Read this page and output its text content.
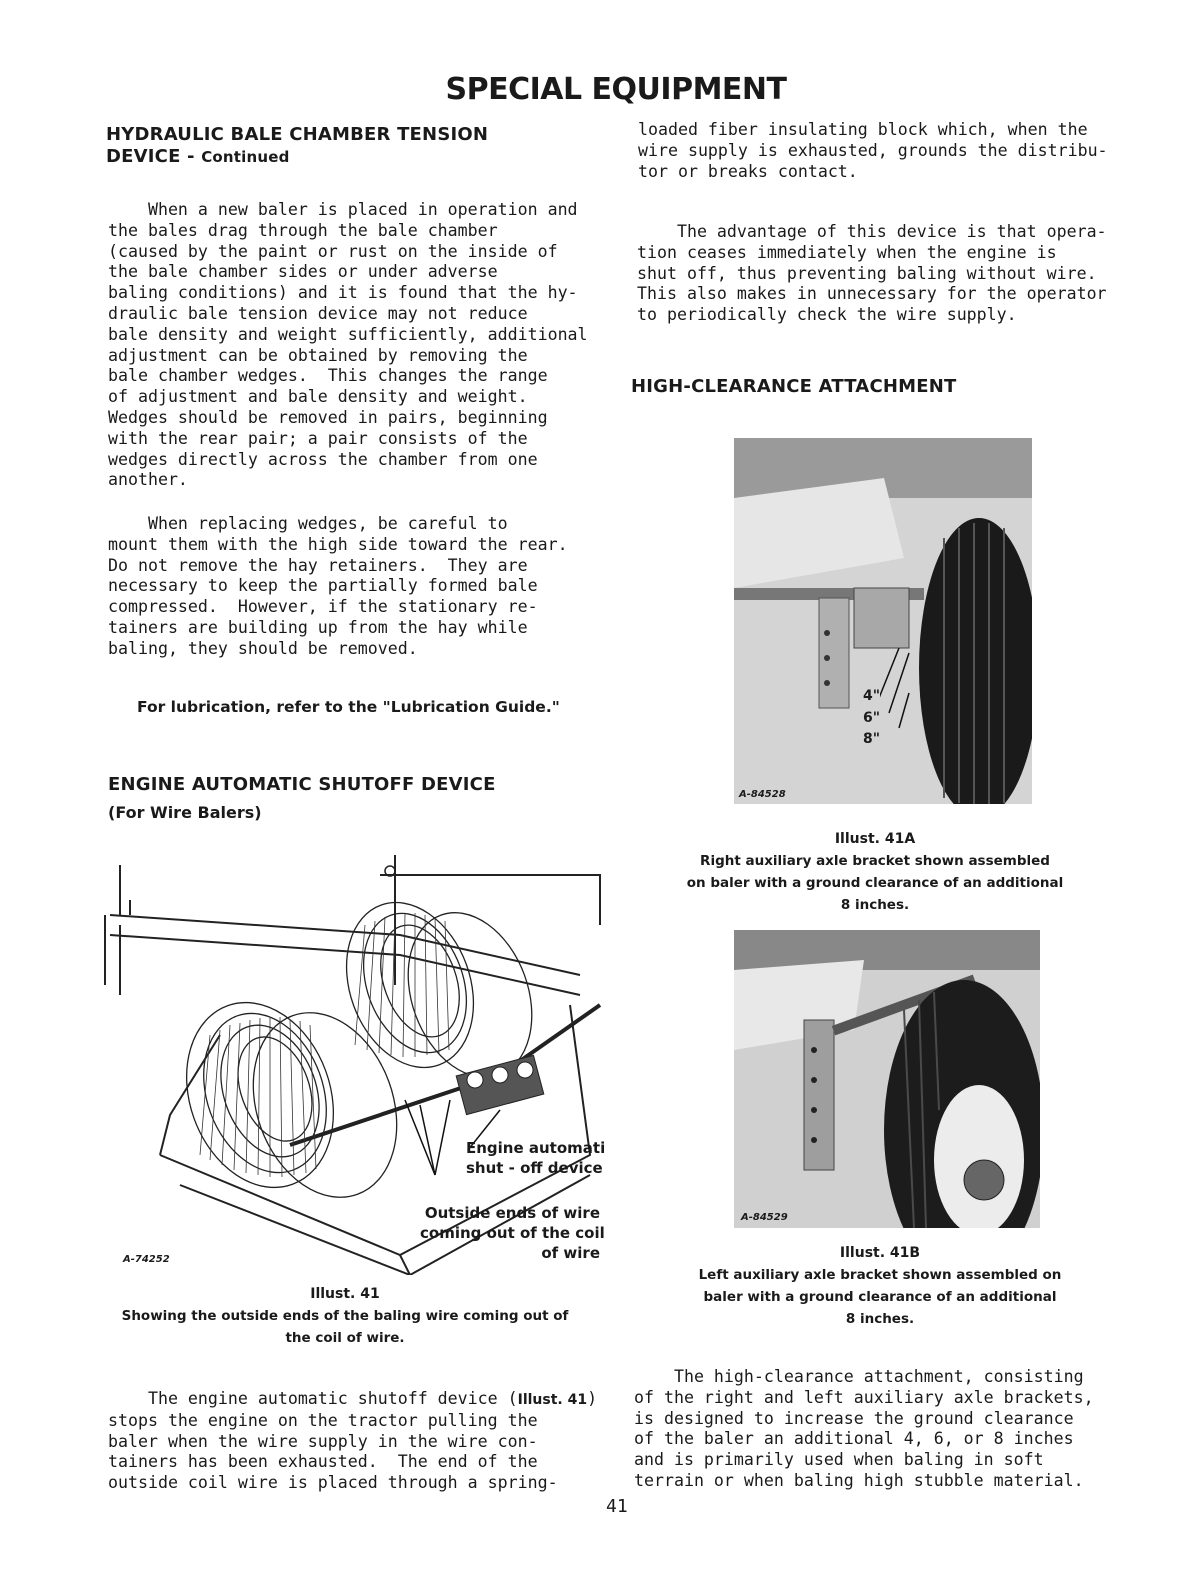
SPECIAL EQUIPMENT
HYDRAULIC BALE CHAMBER TENSION
DEVICE - Continued
When a new baler is placed in operation and
the bales drag through the bale chamber
(caused by the paint or rust on the inside of
the bale chamber sides or under adverse
baling conditions) and it is found that the hy-
draulic bale tension device may not reduce
bale density and weight sufficiently, additional
adjustment can be obtained by removing the
bale chamber wedges.  This changes the range
of adjustment and bale density and weight.
Wedges should be removed in pairs, beginning
with the rear pair; a pair consists of the
wedges directly across the chamber from one
another.
When replacing wedges, be careful to
mount them with the high side toward the rear.
Do not remove the hay retainers.  They are
necessary to keep the partially formed bale
compressed.  However, if the stationary re-
tainers are building up from the hay while
baling, they should be removed.
For lubrication, refer to the "Lubrication Guide."
ENGINE AUTOMATIC SHUTOFF DEVICE
(For Wire Balers)
Engine automati
shut - off device
Outside ends of wire
coming out of the coil
of wire
A-74252
Illust. 41
Showing the outside ends of the baling wire coming out of
the coil of wire.
The engine automatic shutoff device (Illust. 41)
stops the engine on the tractor pulling the
baler when the wire supply in the wire con-
tainers has been exhausted.  The end of the
outside coil wire is placed through a spring-
loaded fiber insulating block which, when the
wire supply is exhausted, grounds the distribu-
tor or breaks contact.
The advantage of this device is that opera-
tion ceases immediately when the engine is
shut off, thus preventing baling without wire.
This also makes in unnecessary for the operator
to periodically check the wire supply.
HIGH-CLEARANCE ATTACHMENT
4"
6"
8"
A-84528
Illust. 41A
Right auxiliary axle bracket shown assembled
on baler with a ground clearance of an additional
8 inches.
A-84529
Illust. 41B
Left auxiliary axle bracket shown assembled on
baler with a ground clearance of an additional
8 inches.
The high-clearance attachment, consisting
of the right and left auxiliary axle brackets,
is designed to increase the ground clearance
of the baler an additional 4, 6, or 8 inches
and is primarily used when baling in soft
terrain or when baling high stubble material.
41
